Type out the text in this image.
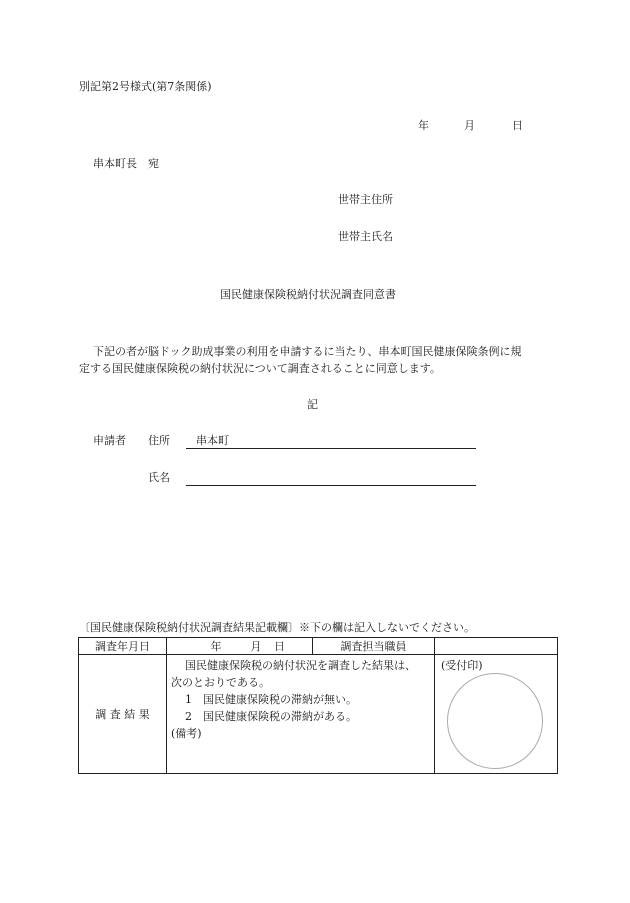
別記第2号様式(第7条関係)
年	月	日
串本町長　宛
世帯主住所
世帯主氏名
国民健康保険税納付状況調査同意書
下記の者が脳ドック助成事業の利用を申請するに当たり、串本町国民健康保険条例に規
定する国民健康保険税の納付状況について調査されることに同意します。
記
申請者 住所 串本町
氏名
〔国民健康保険税納付状況調査結果記載欄〕※下の欄は記入しないでください。
調査年月日	年 月 日	調査担当職員	
調 査 結 果	国民健康保険税の納付状況を調査した結果は、
次のとおりである。
1　国民健康保険税の滞納が無い。
2　国民健康保険税の滞納がある。
(備考)		(受付印)
